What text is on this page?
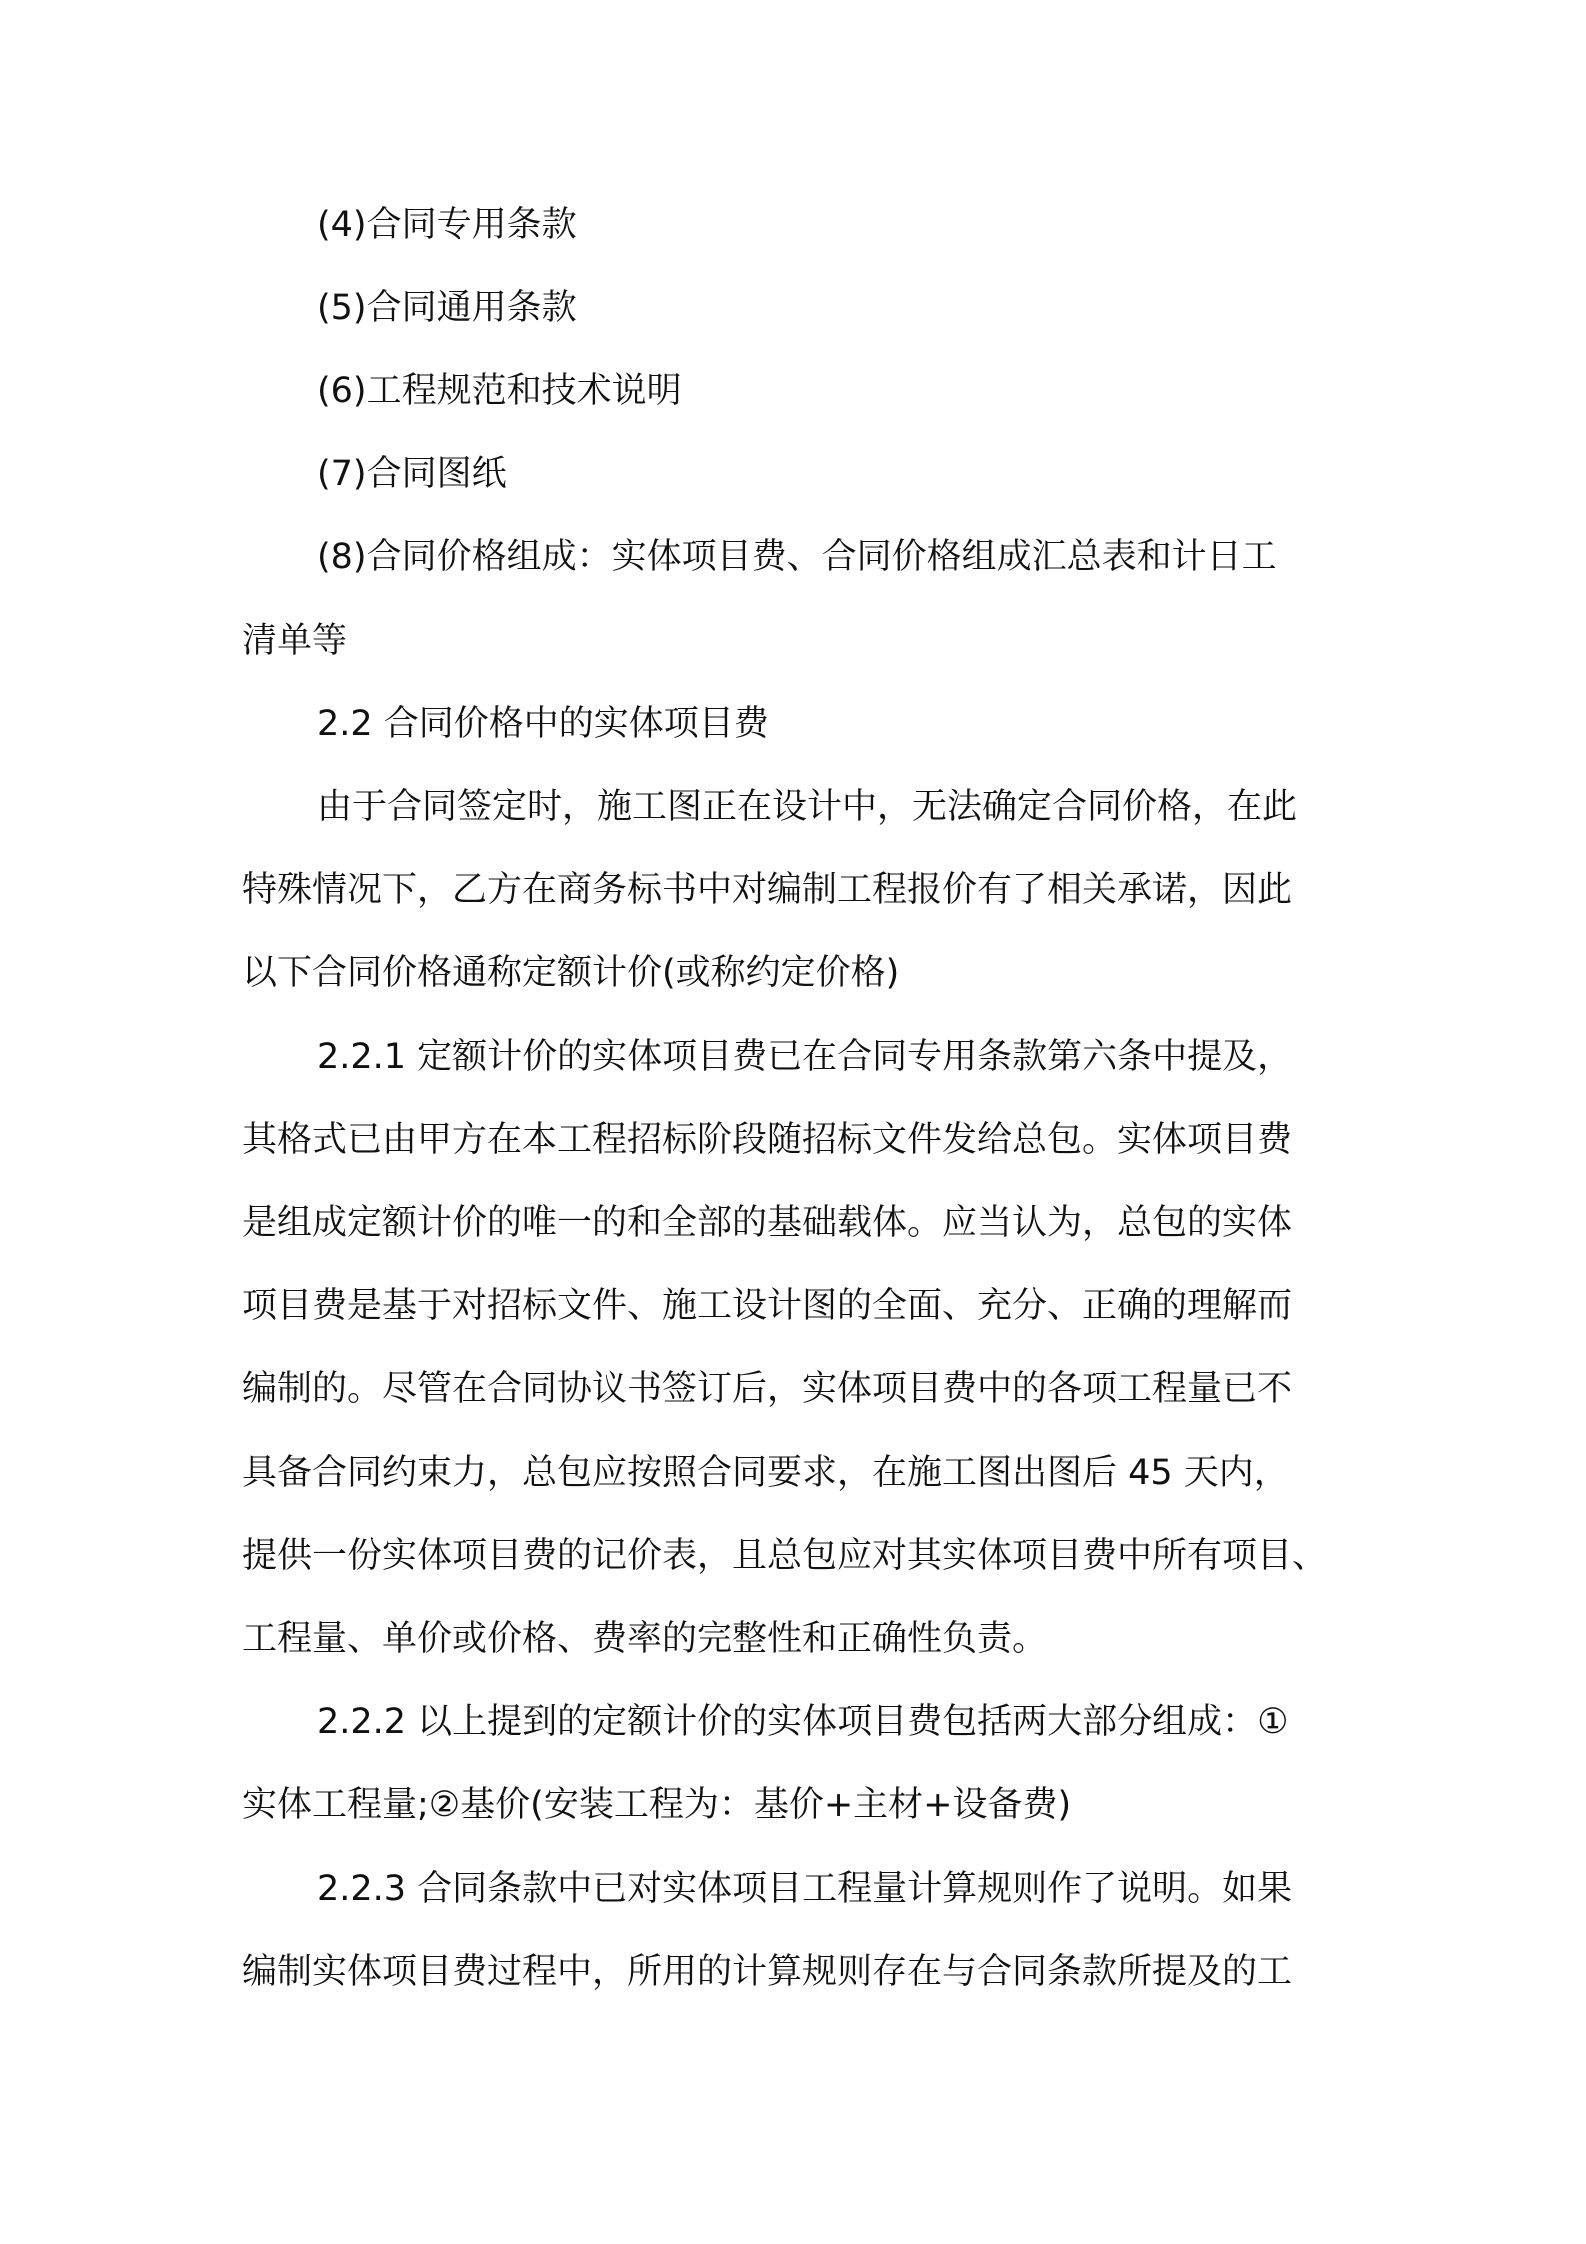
(4)合同专用条款
(5)合同通用条款
(6)工程规范和技术说明
(7)合同图纸
(8)合同价格组成：实体项目费、合同价格组成汇总表和计日工
清单等
2.2 合同价格中的实体项目费
由于合同签定时，施工图正在设计中，无法确定合同价格，在此
特殊情况下，乙方在商务标书中对编制工程报价有了相关承诺，因此
以下合同价格通称定额计价(或称约定价格)
2.2.1 定额计价的实体项目费已在合同专用条款第六条中提及，
其格式已由甲方在本工程招标阶段随招标文件发给总包。实体项目费
是组成定额计价的唯一的和全部的基础载体。应当认为，总包的实体
项目费是基于对招标文件、施工设计图的全面、充分、正确的理解而
编制的。尽管在合同协议书签订后，实体项目费中的各项工程量已不
具备合同约束力，总包应按照合同要求，在施工图出图后 45 天内，
提供一份实体项目费的记价表，且总包应对其实体项目费中所有项目、
工程量、单价或价格、费率的完整性和正确性负责。
2.2.2 以上提到的定额计价的实体项目费包括两大部分组成：①
实体工程量;②基价(安装工程为：基价+主材+设备费)
2.2.3 合同条款中已对实体项目工程量计算规则作了说明。如果
编制实体项目费过程中，所用的计算规则存在与合同条款所提及的工
